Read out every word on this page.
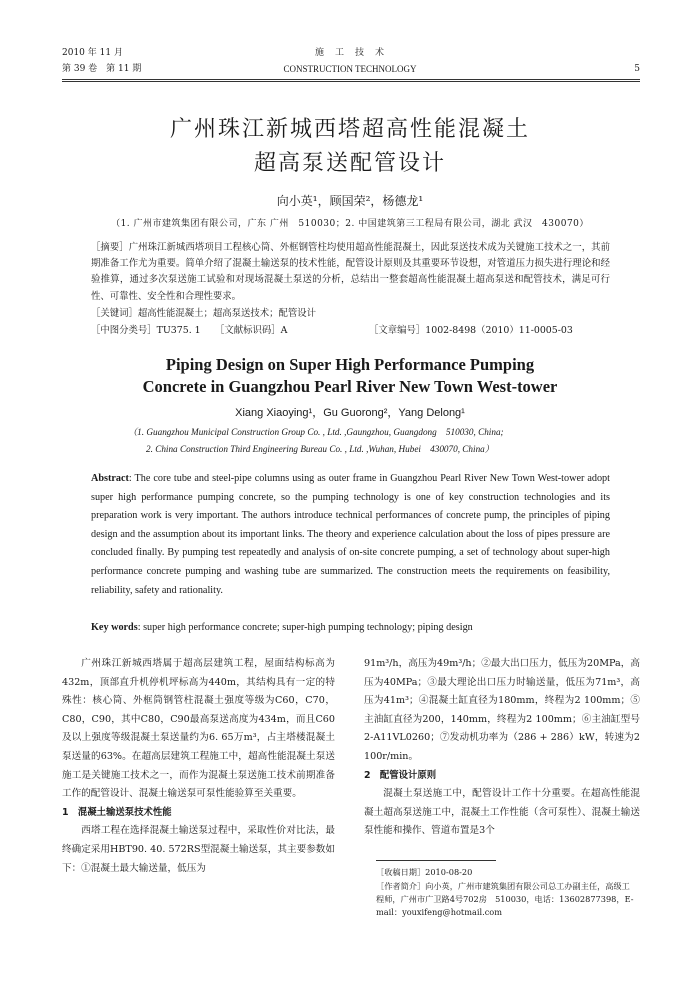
2010 年 11 月
第 39 卷　第 11 期
施　工　技　术
CONSTRUCTION TECHNOLOGY	5
广州珠江新城西塔超高性能混凝土
超高泵送配管设计
向小英¹，顾国荣²，杨德龙¹
（1. 广州市建筑集团有限公司，广东 广州　510030；2. 中国建筑第三工程局有限公司，湖北 武汉　430070）
［摘要］广州珠江新城西塔项目工程核心筒、外框钢管柱均使用超高性能混凝土，因此泵送技术成为关键施工技术之一，其前期准备工作尤为重要。简单介绍了混凝土输送泵的技术性能，配管设计原则及其重要环节设想，对管道压力损失进行理论和经验推算，通过多次泵送施工试验和对现场混凝土泵送的分析，总结出一整套超高性能混凝土超高泵送和配管技术，满足可行性、可靠性、安全性和合理性要求。
［关键词］超高性能混凝土；超高泵送技术；配管设计
［中图分类号］TU375. 1 ［文献标识码］A	［文章编号］1002-8498（2010）11-0005-03
Piping Design on Super High Performance Pumping
Concrete in Guangzhou Pearl River New Town West-tower
Xiang Xiaoying¹，Gu Guorong²，Yang Delong¹
（1. Guangzhou Municipal Construction Group Co. , Ltd. ,Gaungzhou, Guangdong　510030, China;
2. China Construction Third Engineering Bureau Co. , Ltd. ,Wuhan, Hubei　430070, China）
Abstract: The core tube and steel-pipe columns using as outer frame in Guangzhou Pearl River New Town West-tower adopt super high performance pumping concrete, so the pumping technology is one of key construction technologies and its preparation work is very important. The authors introduce technical performances of concrete pump, the principles of piping design and the assumption about its important links. The theory and experience calculation about the loss of pipes pressure are concluded finally. By pumping test repeatedly and analysis of on-site concrete pumping, a set of technology about super-high performance concrete pumping and washing tube are summarized. The construction meets the requirements on feasibility, reliability, safety and rationality.
Key words: super high performance concrete; super-high pumping technology; piping design

广州珠江新城西塔属于超高层建筑工程，屋面结构标高为432m，顶部直升机停机坪标高为440m，其结构具有一定的特殊性：核心筒、外框筒钢管柱混凝土强度等级为C60，C70，C80，C90，其中C80，C90最高泵送高度为434m，而且C60及以上强度等级混凝土泵送量约为6. 65万m³，占主塔楼混凝土泵送量的63%。在超高层建筑工程施工中，超高性能混凝土泵送施工是关键施工技术之一，而作为混凝土泵送施工技术前期准备工作的配管设计、混凝土输送泵可泵性能验算至关重要。

1　混凝土输送泵技术性能

西塔工程在选择混凝土输送泵过程中，采取性价对比法，最终确定采用HBT90. 40. 572RS型混凝土输送泵，其主要参数如下：①混凝土最大输送量，低压为

91m³/h，高压为49m³/h；②最大出口压力，低压为20MPa，高压为40MPa；③最大理论出口压力时输送量，低压为71m³，高压为41m³；④混凝土缸直径为180mm，终程为2 100mm；⑤主油缸直径为200，140mm，终程为2 100mm；⑥主油缸型号　2-A11VL0260；⑦发动机功率为（286 + 286）kW，转速为2 100r/min。

2　配管设计原则

混凝土泵送施工中，配管设计工作十分重要。在超高性能混凝土超高泵送施工中，混凝土工作性能（含可泵性）、混凝土输送泵性能和操作、管道布置是3个

［收稿日期］2010-08-20
［作者简介］向小英，广州市建筑集团有限公司总工办副主任，高级工程师，广州市广卫路4号702房　510030，电话：13602877398，E-mail：youxifeng@hotmail.com
